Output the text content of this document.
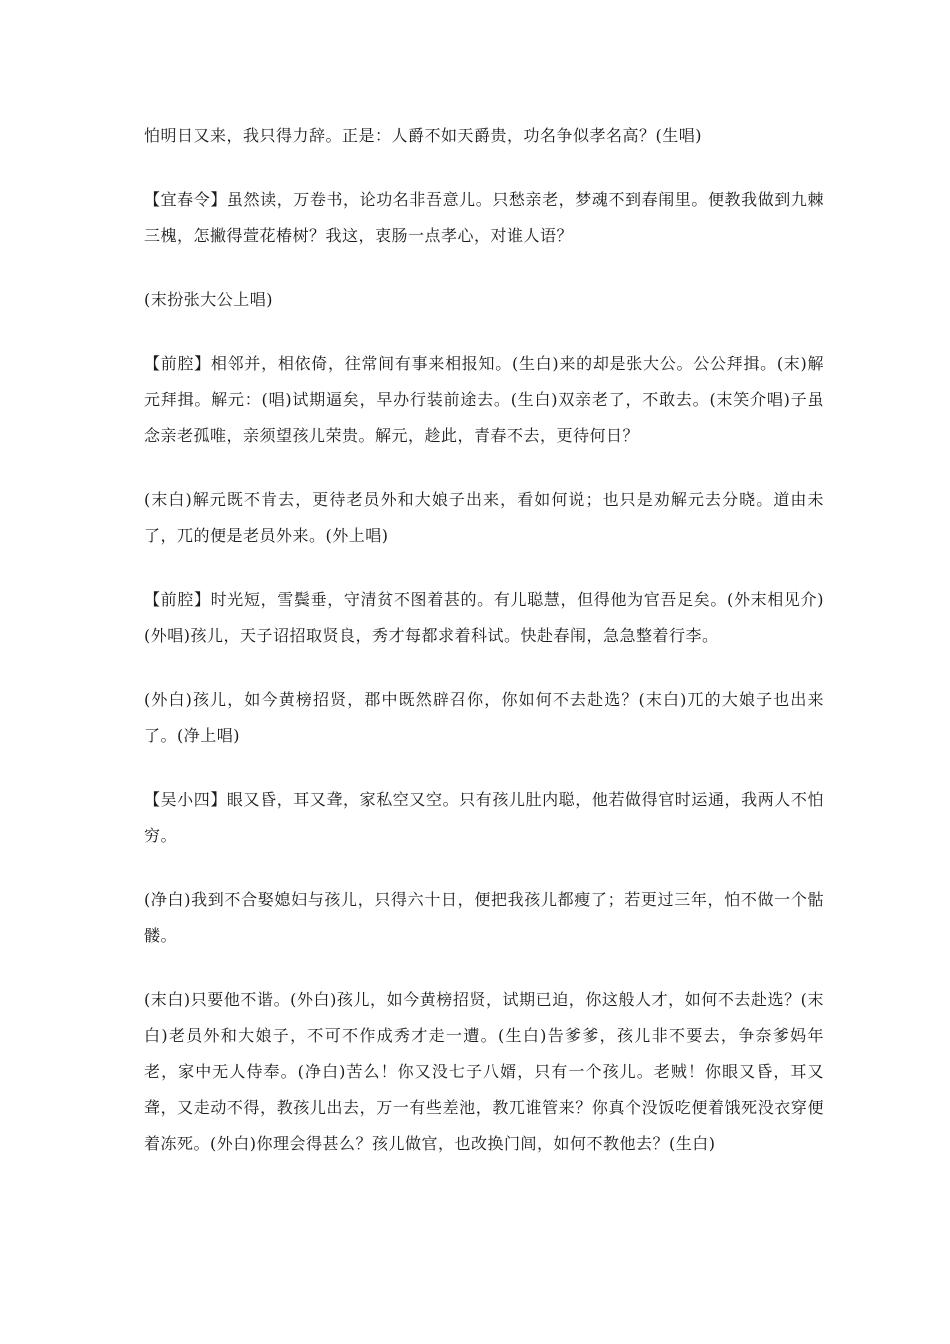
怕明日又来，我只得力辞。正是：人爵不如天爵贵，功名争似孝名高？(生唱)

【宜春令】虽然读，万卷书，论功名非吾意儿。只愁亲老，梦魂不到春闱里。便教我做到九棘三槐，怎撇得萱花椿树？我这，衷肠一点孝心，对谁人语？

(末扮张大公上唱)

【前腔】相邻并，相依倚，往常间有事来相报知。(生白)来的却是张大公。公公拜揖。(末)解元拜揖。解元：(唱)试期逼矣，早办行装前途去。(生白)双亲老了，不敢去。(末笑介唱)子虽念亲老孤唯，亲须望孩儿荣贵。解元，趁此，青春不去，更待何日？

(末白)解元既不肯去，更待老员外和大娘子出来，看如何说；也只是劝解元去分晓。道由未了，兀的便是老员外来。(外上唱)

【前腔】时光短，雪鬓垂，守清贫不图着甚的。有儿聪慧，但得他为官吾足矣。(外末相见介)(外唱)孩儿，天子诏招取贤良，秀才每都求着科试。快赴春闱，急急整着行李。

(外白)孩儿，如今黄榜招贤，郡中既然辟召你，你如何不去赴选？(末白)兀的大娘子也出来了。(净上唱)

【吴小四】眼又昏，耳又聋，家私空又空。只有孩儿肚内聪，他若做得官时运通，我两人不怕穷。

(净白)我到不合娶媳妇与孩儿，只得六十日，便把我孩儿都瘦了；若更过三年，怕不做一个骷髅。

(末白)只要他不谐。(外白)孩儿，如今黄榜招贤，试期已迫，你这般人才，如何不去赴选？(末白)老员外和大娘子，不可不作成秀才走一遭。(生白)告爹爹，孩儿非不要去，争奈爹妈年老，家中无人侍奉。(净白)苦么！你又没七子八婿，只有一个孩儿。老贼！你眼又昏，耳又聋，又走动不得，教孩儿出去，万一有些差池，教兀谁管来？你真个没饭吃便着饿死没衣穿便着冻死。(外白)你理会得甚么？孩儿做官，也改换门闾，如何不教他去？(生白)
